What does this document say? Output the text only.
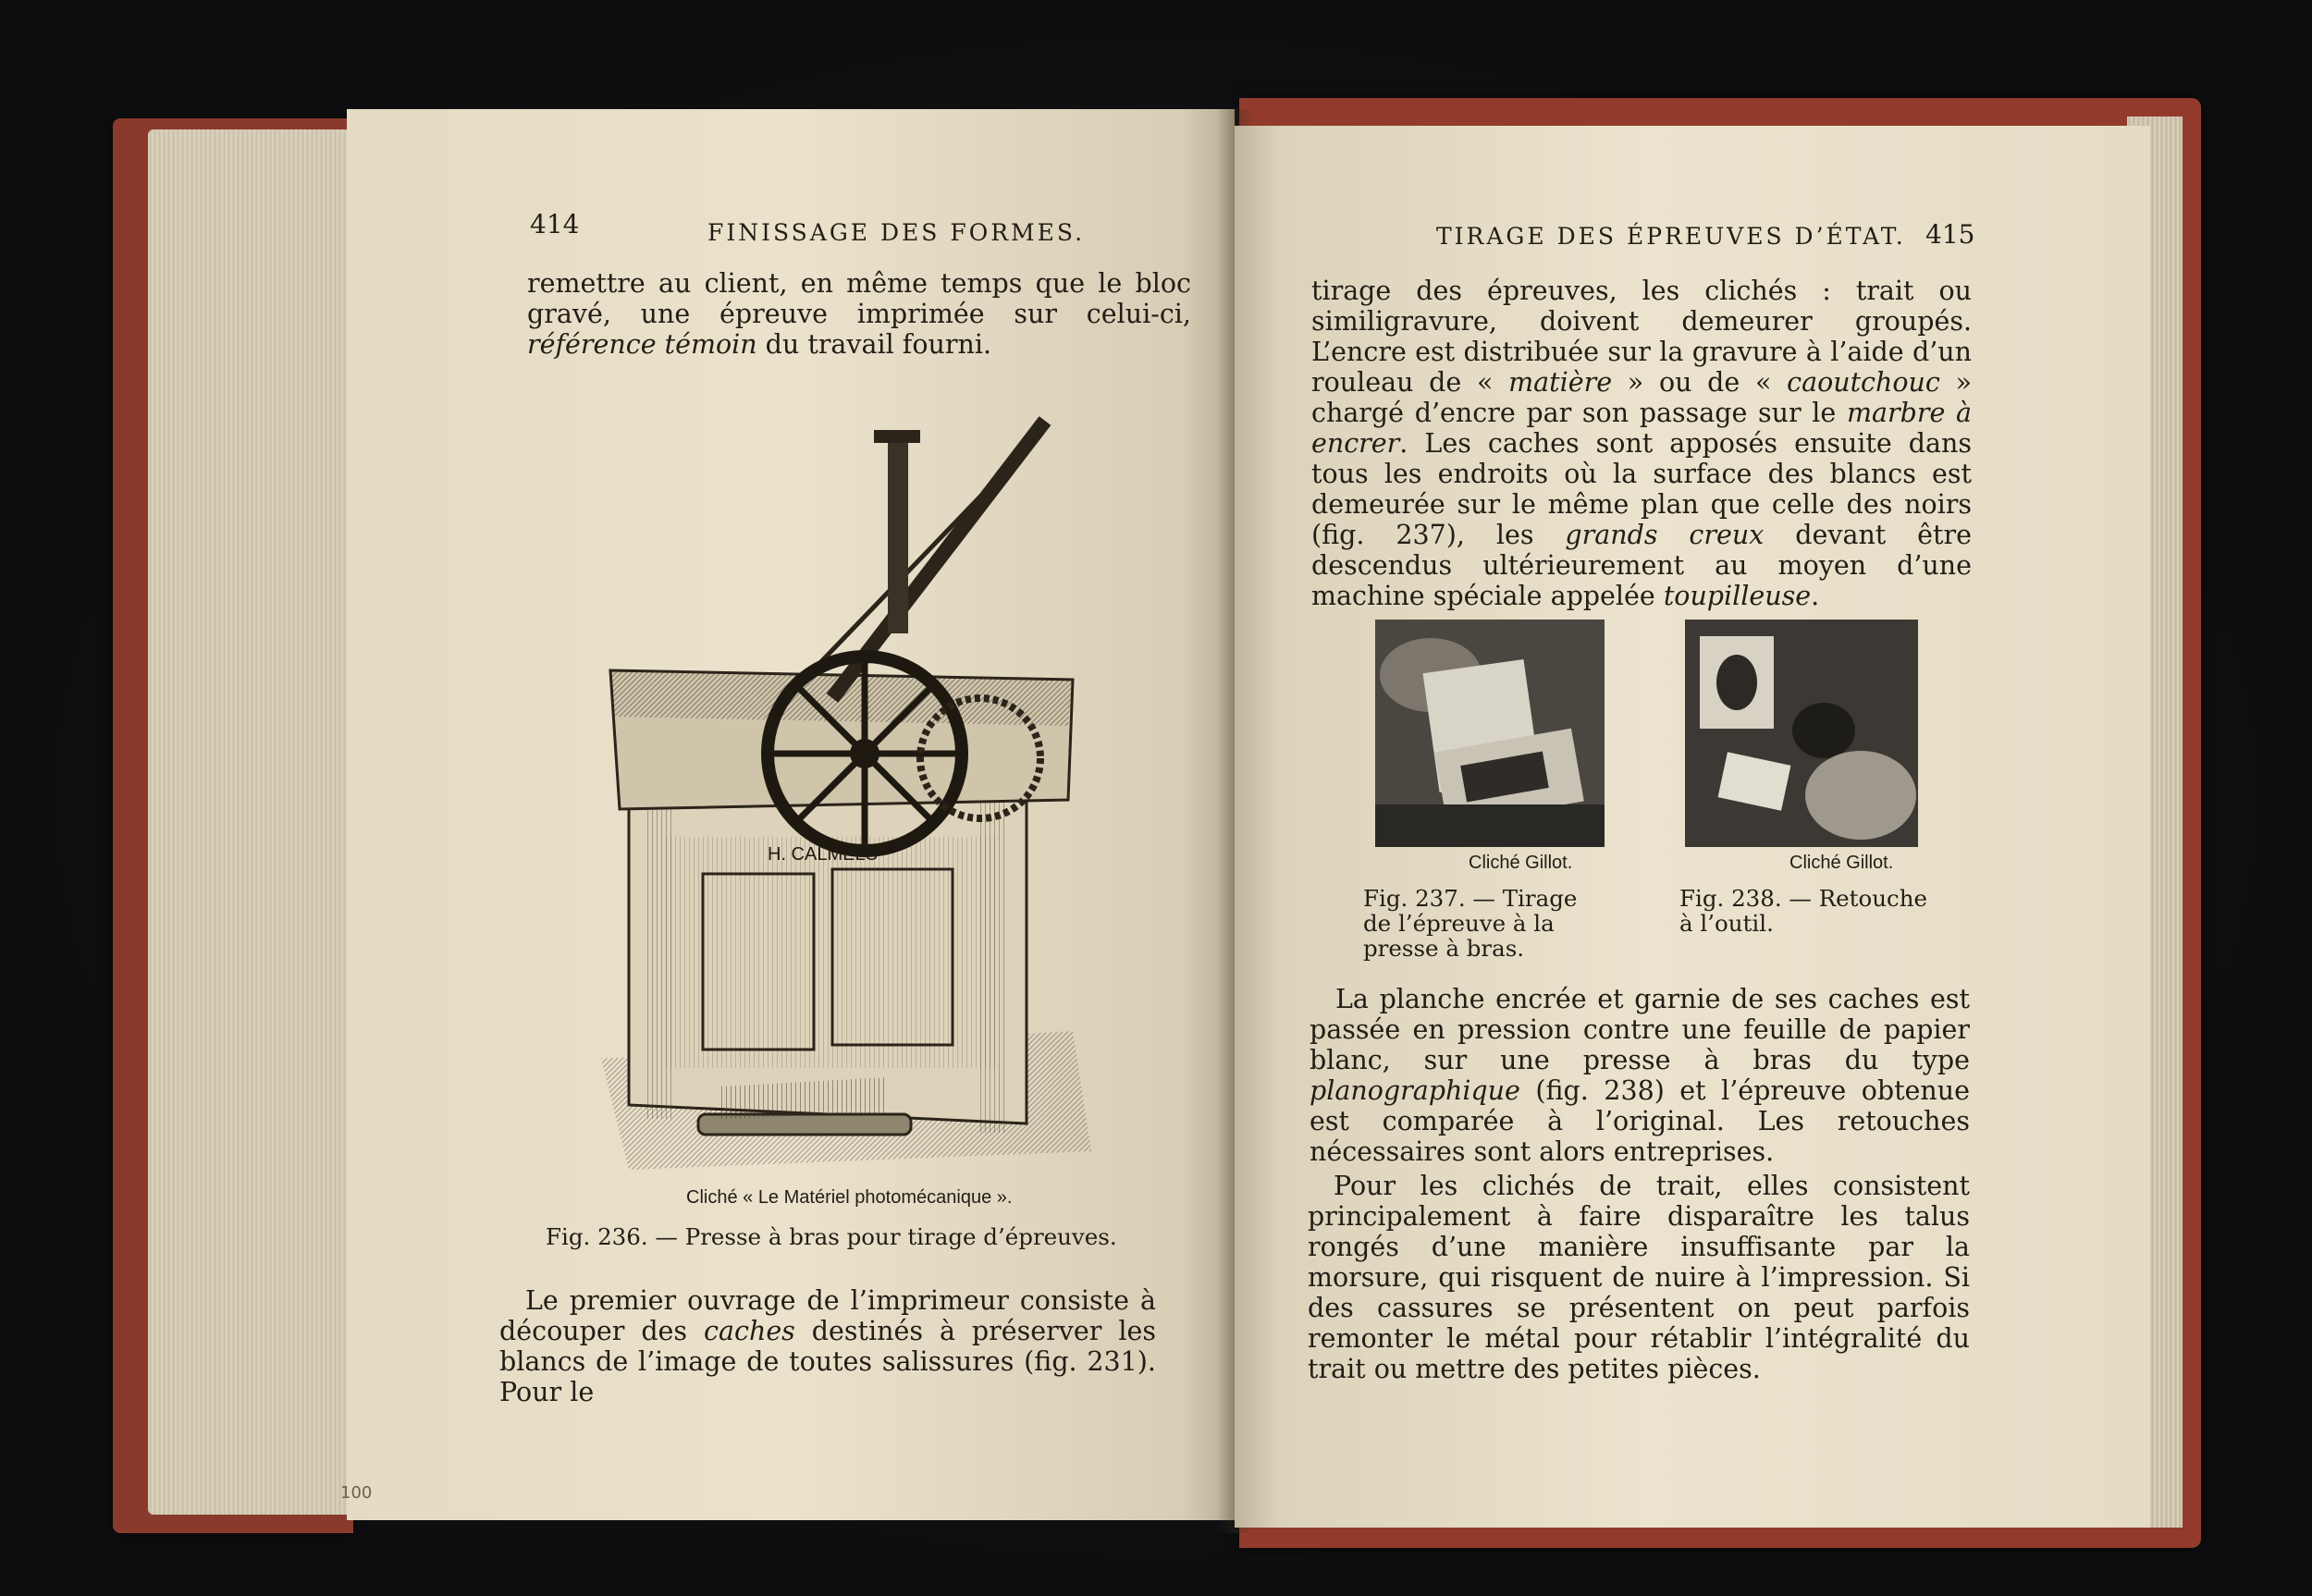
414	FINISSAGE DES FORMES.

remettre au client, en même temps que le bloc gravé, une épreuve imprimée sur celui-ci, référence témoin du travail fourni.

H. CALMELS
Cliché « Le Matériel photomécanique ».
Fig. 236. — Presse à bras pour tirage d’épreuves.

Le premier ouvrage de l’imprimeur consiste à découper des caches destinés à préserver les blancs de l’image de toutes salissures (fig. 231). Pour le

100
TIRAGE DES ÉPREUVES D’ÉTAT. 415

tirage des épreuves, les clichés : trait ou similigravure, doivent demeurer groupés. L’encre est distribuée sur la gravure à l’aide d’un rouleau de « matière » ou de « caoutchouc » chargé d’encre par son passage sur le marbre à encrer. Les caches sont apposés ensuite dans tous les endroits où la surface des blancs est demeurée sur le même plan que celle des noirs (fig. 237), les grands creux devant être descendus ultérieurement au moyen d’une machine spéciale appelée toupilleuse.

Cliché Gillot.
Fig. 237. — Tirage de l’épreuve à la presse à bras.
Cliché Gillot.
Fig. 238. — Retouche à l’outil.

La planche encrée et garnie de ses caches est passée en pression contre une feuille de papier blanc, sur une presse à bras du type planographique (fig. 238) et l’épreuve obtenue est comparée à l’original. Les retouches nécessaires sont alors entreprises.

Pour les clichés de trait, elles consistent principalement à faire disparaître les talus rongés d’une manière insuffisante par la morsure, qui risquent de nuire à l’impression. Si des cassures se présentent on peut parfois remonter le métal pour rétablir l’intégralité du trait ou mettre des petites pièces.
